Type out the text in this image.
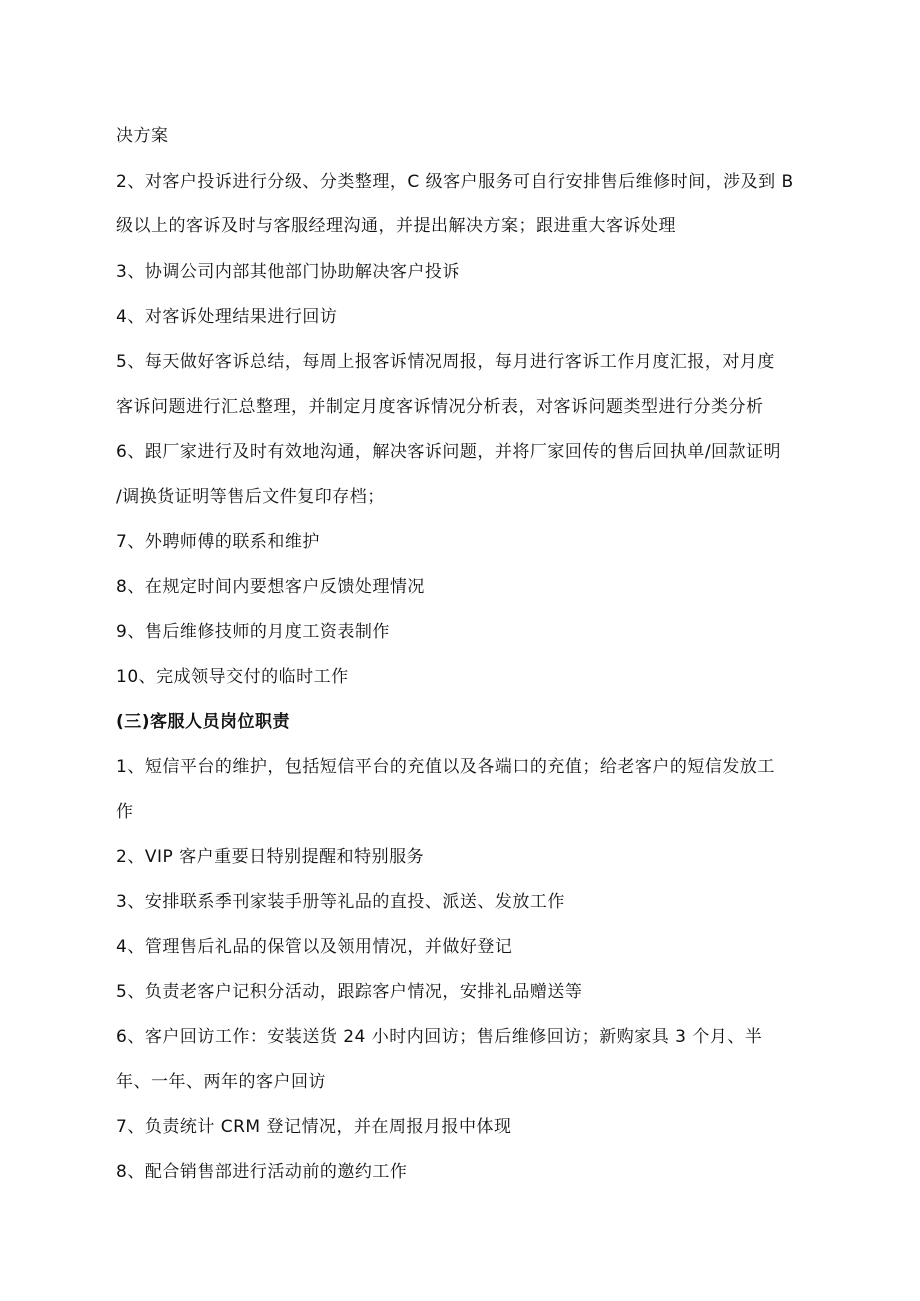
决方案
2、对客户投诉进行分级、分类整理，C 级客户服务可自行安排售后维修时间，涉及到 B
级以上的客诉及时与客服经理沟通，并提出解决方案；跟进重大客诉处理
3、协调公司内部其他部门协助解决客户投诉
4、对客诉处理结果进行回访
5、每天做好客诉总结，每周上报客诉情况周报，每月进行客诉工作月度汇报，对月度
客诉问题进行汇总整理，并制定月度客诉情况分析表，对客诉问题类型进行分类分析
6、跟厂家进行及时有效地沟通，解决客诉问题，并将厂家回传的售后回执单/回款证明
/调换货证明等售后文件复印存档；
7、外聘师傅的联系和维护
8、在规定时间内要想客户反馈处理情况
9、售后维修技师的月度工资表制作
10、完成领导交付的临时工作
(三)客服人员岗位职责
1、短信平台的维护，包括短信平台的充值以及各端口的充值；给老客户的短信发放工
作
2、VIP 客户重要日特别提醒和特别服务
3、安排联系季刊家装手册等礼品的直投、派送、发放工作
4、管理售后礼品的保管以及领用情况，并做好登记
5、负责老客户记积分活动，跟踪客户情况，安排礼品赠送等
6、客户回访工作：安装送货 24 小时内回访；售后维修回访；新购家具 3 个月、半
年、一年、两年的客户回访
7、负责统计 CRM 登记情况，并在周报月报中体现
8、配合销售部进行活动前的邀约工作
